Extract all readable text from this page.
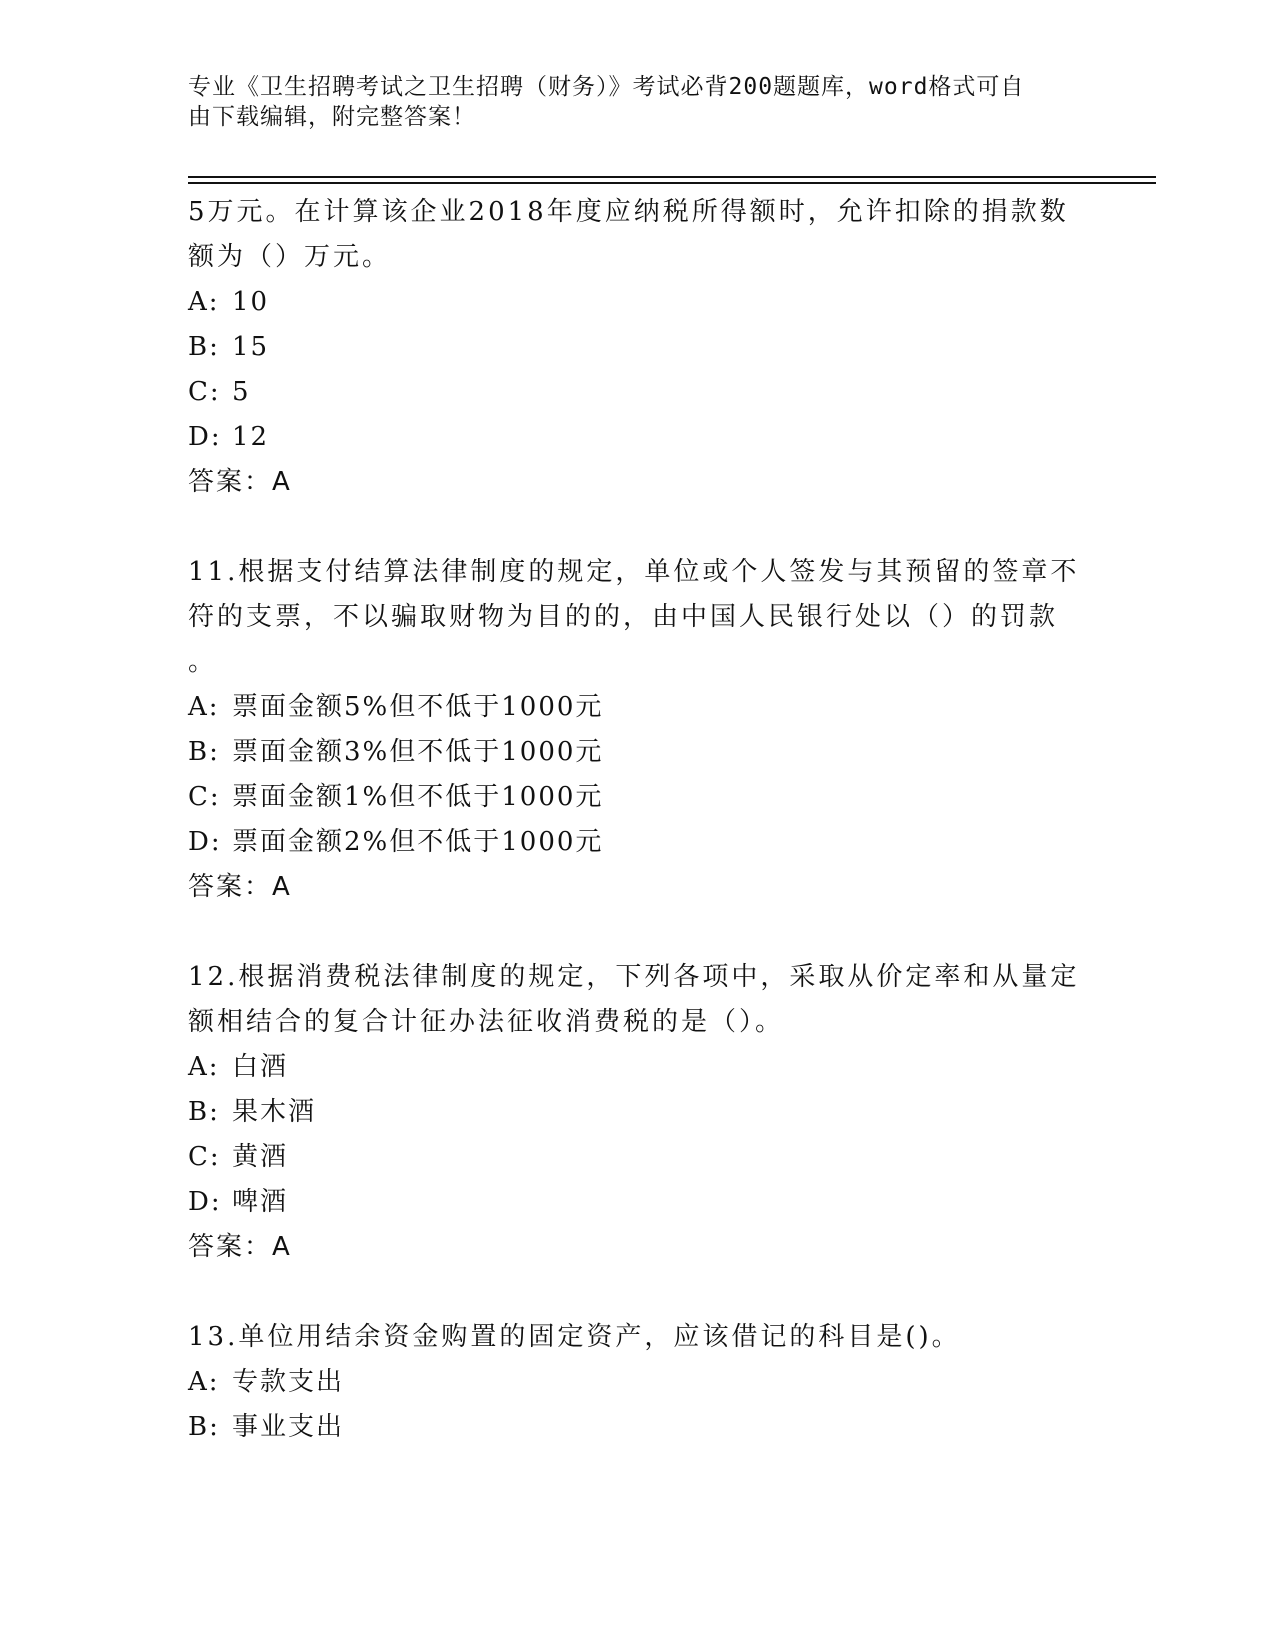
专业《卫生招聘考试之卫生招聘（财务）》考试必背200题题库，word格式可自
由下载编辑，附完整答案！

5万元。在计算该企业2018年度应纳税所得额时，允许扣除的捐款数

额为（）万元。

A: 10
B: 15
C: 5
D: 12

答案：A

11.根据支付结算法律制度的规定，单位或个人签发与其预留的签章不

符的支票，不以骗取财物为目的的，由中国人民银行处以（）的罚款

。

A: 票面金额5%但不低于1000元
B: 票面金额3%但不低于1000元
C: 票面金额1%但不低于1000元
D: 票面金额2%但不低于1000元

答案：A

12.根据消费税法律制度的规定，下列各项中，采取从价定率和从量定

额相结合的复合计征办法征收消费税的是（）。

A: 白酒
B: 果木酒
C: 黄酒
D: 啤酒

答案：A

13.单位用结余资金购置的固定资产，应该借记的科目是()。

A: 专款支出
B: 事业支出
